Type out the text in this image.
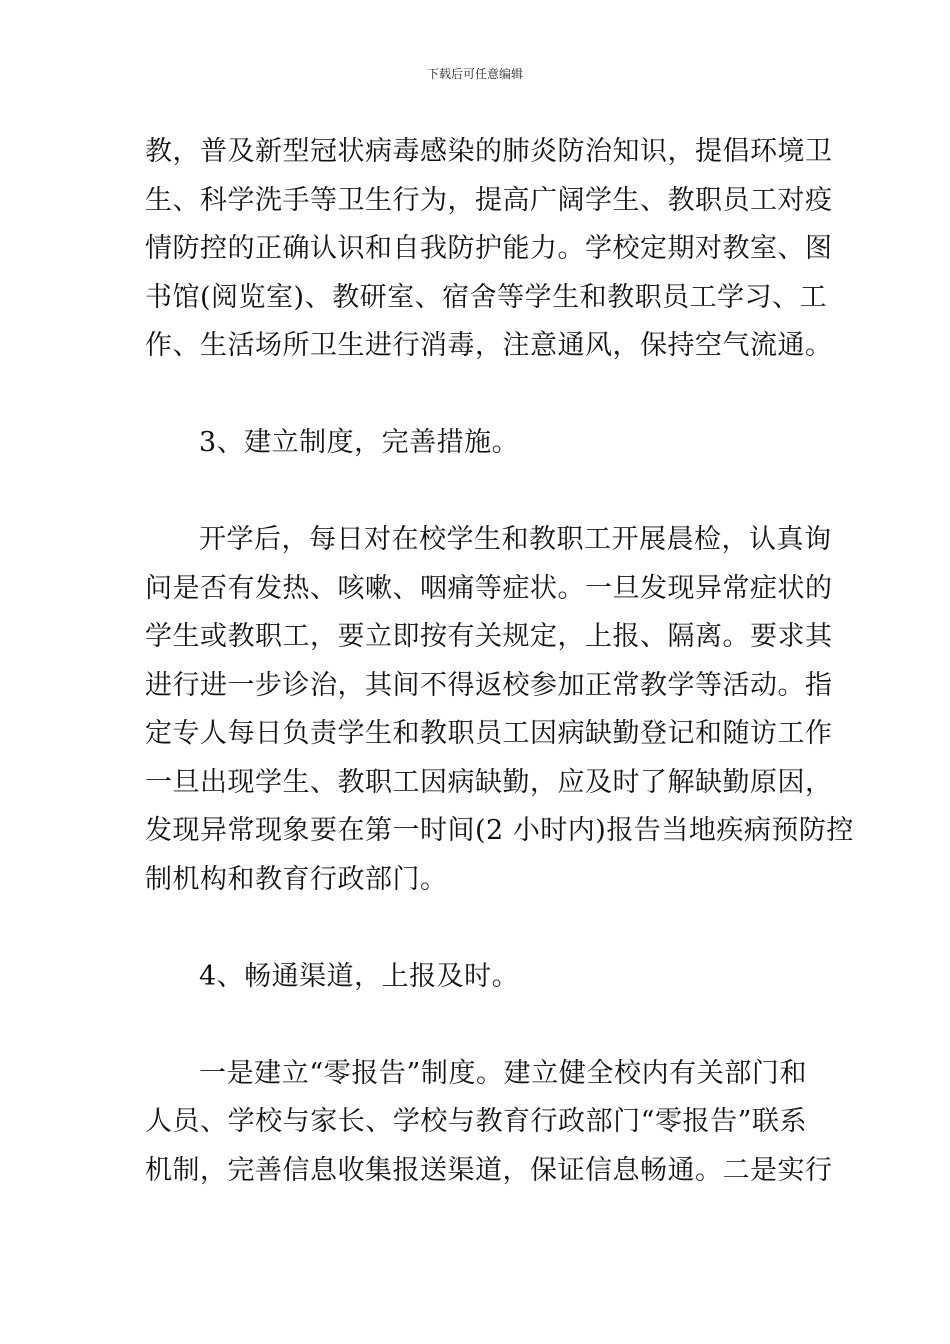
下载后可任意编辑
教，普及新型冠状病毒感染的肺炎防治知识，提倡环境卫
生、科学洗手等卫生行为，提高广阔学生、教职员工对疫
情防控的正确认识和自我防护能力。学校定期对教室、图
书馆(阅览室)、教研室、宿舍等学生和教职员工学习、工
作、生活场所卫生进行消毒，注意通风，保持空气流通。
3、建立制度，完善措施。
开学后，每日对在校学生和教职工开展晨检，认真询
问是否有发热、咳嗽、咽痛等症状。一旦发现异常症状的
学生或教职工，要立即按有关规定，上报、隔离。要求其
进行进一步诊治，其间不得返校参加正常教学等活动。指
定专人每日负责学生和教职员工因病缺勤登记和随访工作
一旦出现学生、教职工因病缺勤，应及时了解缺勤原因，
发现异常现象要在第一时间(2 小时内)报告当地疾病预防控
制机构和教育行政部门。
4、畅通渠道，上报及时。
一是建立“零报告”制度。建立健全校内有关部门和
人员、学校与家长、学校与教育行政部门“零报告”联系
机制，完善信息收集报送渠道，保证信息畅通。二是实行
